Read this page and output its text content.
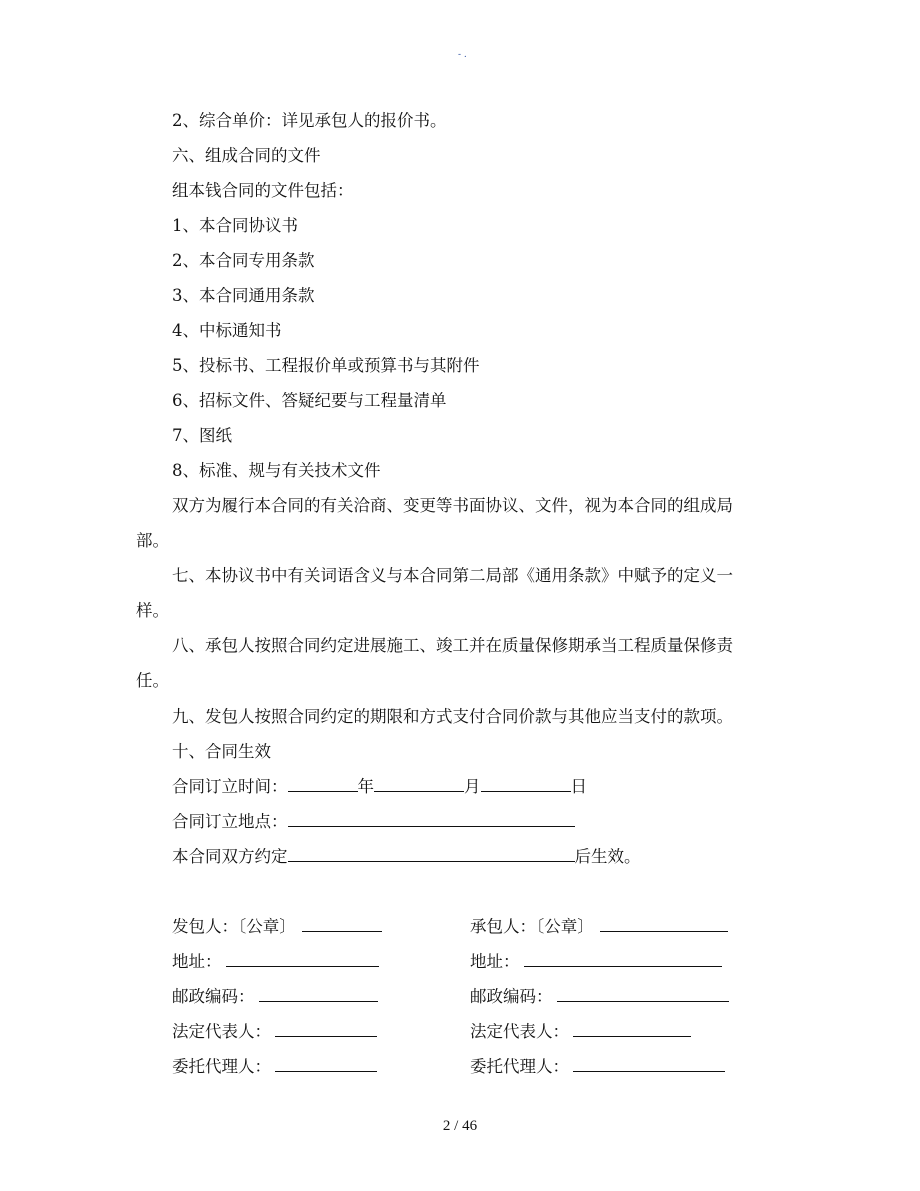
- .
2、综合单价：详见承包人的报价书。
六、组成合同的文件
组本钱合同的文件包括：
1、本合同协议书
2、本合同专用条款
3、本合同通用条款
4、中标通知书
5、投标书、工程报价单或预算书与其附件
6、招标文件、答疑纪要与工程量清单
7、图纸
8、标准、规与有关技术文件
双方为履行本合同的有关洽商、变更等书面协议、文件，视为本合同的组成局
部。
七、本协议书中有关词语含义与本合同第二局部《通用条款》中赋予的定义一
样。
八、承包人按照合同约定进展施工、竣工并在质量保修期承当工程质量保修责
任。
九、发包人按照合同约定的期限和方式支付合同价款与其他应当支付的款项。
十、合同生效
合同订立时间：	年	月	日
合同订立地点：
本合同双方约定	后生效。
发包人：〔公章〕
地址：
邮政编码：
法定代表人：
委托代理人：
承包人：〔公章〕
地址：
邮政编码：
法定代表人：
委托代理人：
2 / 46
